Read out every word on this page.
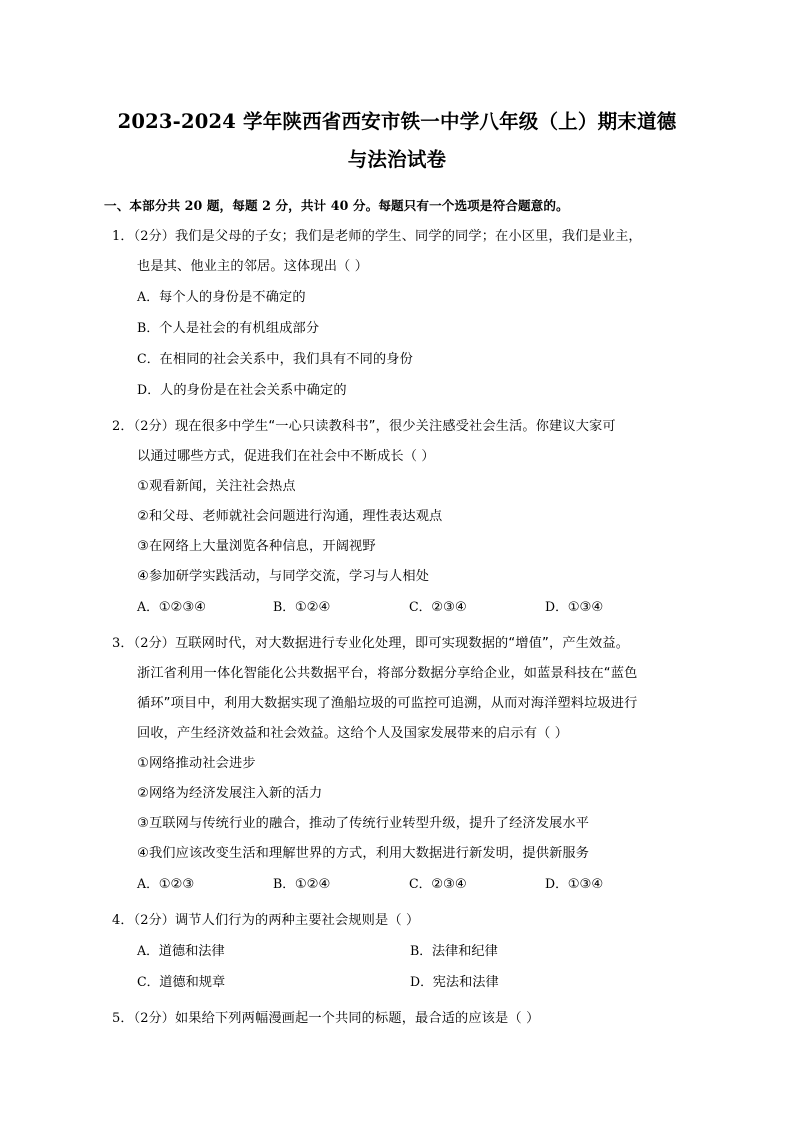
2023-2024 学年陕西省西安市铁一中学八年级（上）期末道德与法治试卷
一、本部分共 20 题，每题 2 分，共计 40 分。每题只有一个选项是符合题意的。
1．（2分）我们是父母的子女；我们是老师的学生、同学的同学；在小区里，我们是业主，
也是其、他业主的邻居。这体现出（ ）
A．每个人的身份是不确定的
B．个人是社会的有机组成部分
C．在相同的社会关系中，我们具有不同的身份
D．人的身份是在社会关系中确定的
2．（2分）现在很多中学生“一心只读教科书”，很少关注感受社会生活。你建议大家可
以通过哪些方式，促进我们在社会中不断成长（ ）
①观看新闻，关注社会热点
②和父母、老师就社会问题进行沟通，理性表达观点
③在网络上大量浏览各种信息，开阔视野
④参加研学实践活动，与同学交流，学习与人相处
A．①②③④	B．①②④	C．②③④	D．①③④
3．（2分）互联网时代，对大数据进行专业化处理，即可实现数据的“增值”，产生效益。
浙江省利用一体化智能化公共数据平台，将部分数据分享给企业，如蓝景科技在“蓝色
循环”项目中，利用大数据实现了渔船垃圾的可监控可追溯，从而对海洋塑料垃圾进行
回收，产生经济效益和社会效益。这给个人及国家发展带来的启示有（ ）
①网络推动社会进步
②网络为经济发展注入新的活力
③互联网与传统行业的融合，推动了传统行业转型升级，提升了经济发展水平
④我们应该改变生活和理解世界的方式，利用大数据进行新发明，提供新服务
A．①②③	B．①②④	C．②③④	D．①③④
4．（2分）调节人们行为的两种主要社会规则是（ ）
A．道德和法律	B．法律和纪律
C．道德和规章	D．宪法和法律
5．（2分）如果给下列两幅漫画起一个共同的标题，最合适的应该是（ ）
